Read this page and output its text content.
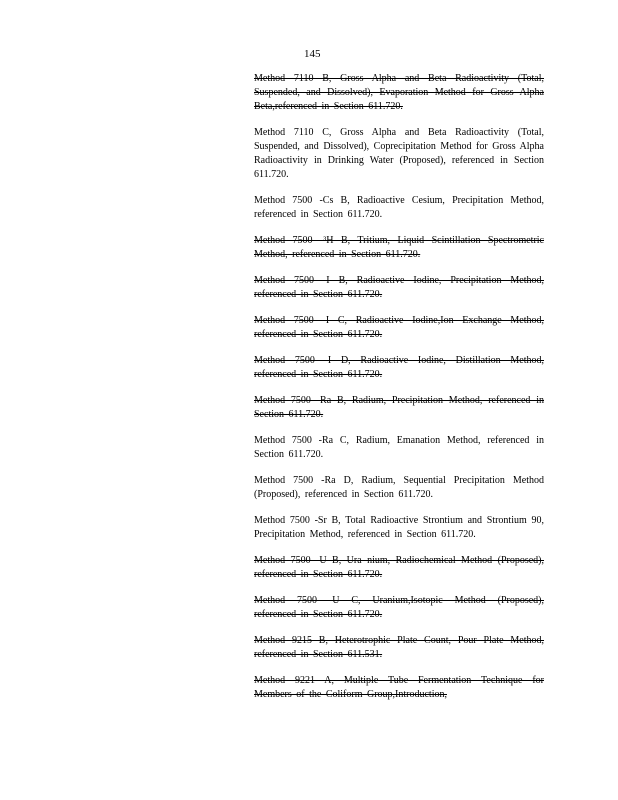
145

Method 7110 B, Gross Alpha and Beta Radioactivity (Total, Suspended, and Dissolved), Evaporation Method for Gross Alpha Beta,referenced in Section 611.720.

Method 7110 C, Gross Alpha and Beta Radioactivity (Total, Suspended, and Dissolved), Coprecipitation Method for Gross Alpha Radioactivity in Drinking Water (Proposed), referenced in Section 611.720.

Method 7500 -Cs B, Radioactive Cesium, Precipitation Method, referenced in Section 611.720.

Method 7500 -³H B, Tritium, Liquid Scintillation Spectrometric Method, referenced in Section 611.720.

Method 7500 -I B, Radioactive Iodine, Precipitation Method, referenced in Section 611.720.

Method 7500 -I C, Radioactive Iodine,Ion Exchange Method, referenced in Section 611.720.

Method 7500 -I D, Radioactive Iodine, Distillation Method, referenced in Section 611.720.

Method 7500 -Ra B, Radium, Precipitation Method, referenced in Section 611.720.

Method 7500 -Ra C, Radium, Emanation Method, referenced in Section 611.720.

Method 7500 -Ra D, Radium, Sequential Precipitation Method (Proposed), referenced in Section 611.720.

Method 7500 -Sr B, Total Radioactive Strontium and Strontium 90, Precipitation Method, referenced in Section 611.720.

Method 7500 -U B, Ura nium, Radiochemical Method (Proposed), referenced in Section 611.720.

Method 7500 -U C, Uranium,Isotopic Method (Proposed), referenced in Section 611.720.

Method 9215 B, Heterotrophic Plate Count, Pour Plate Method, referenced in Section 611.531.

Method 9221 A, Multiple Tube Fermentation Technique for Members of the Coliform Group,Introduction,
